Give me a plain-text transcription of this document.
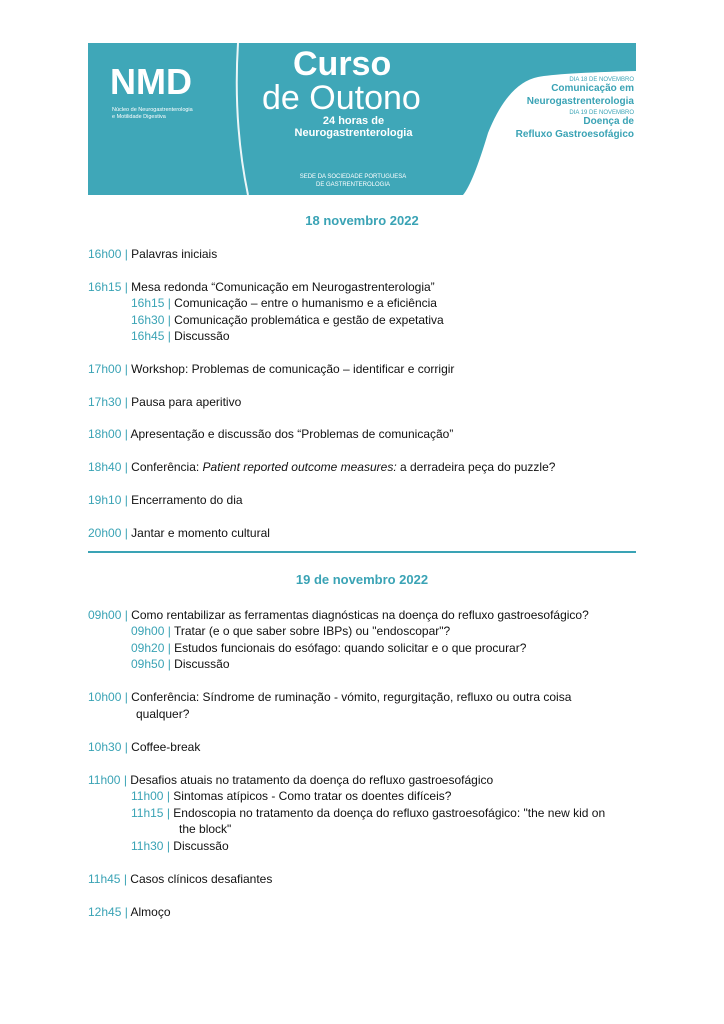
NMD
Núcleo de Neurogastrenterologia
e Motilidade Digestiva
Curso
de Outono
24 horas de
Neurogastrenterologia
SEDE DA SOCIEDADE PORTUGUESA
DE GASTRENTEROLOGIA
DIA 18 DE NOVEMBRO
Comunicação em
Neurogastrenterologia
DIA 19 DE NOVEMBRO
Doença de
Refluxo Gastroesofágico
18 novembro 2022
16h00 | Palavras iniciais
16h15 | Mesa redonda “Comunicação em Neurogastrenterologia”
16h15 | Comunicação – entre o humanismo e a eficiência
16h30 | Comunicação problemática e gestão de expetativa
16h45 | Discussão
17h00 | Workshop: Problemas de comunicação – identificar e corrigir
17h30 | Pausa para aperitivo
18h00 | Apresentação e discussão dos “Problemas de comunicação”
18h40 | Conferência: Patient reported outcome measures: a derradeira peça do puzzle?
19h10 | Encerramento do dia
20h00 | Jantar e momento cultural
19 de novembro 2022
09h00 | Como rentabilizar as ferramentas diagnósticas na doença do refluxo gastroesofágico?
09h00 | Tratar (e o que saber sobre IBPs) ou "endoscopar"?
09h20 | Estudos funcionais do esófago: quando solicitar e o que procurar?
09h50 | Discussão
10h00 | Conferência: Síndrome de ruminação - vómito, regurgitação, refluxo ou outra coisa
qualquer?
10h30 | Coffee-break
11h00 | Desafios atuais no tratamento da doença do refluxo gastroesofágico
11h00 | Sintomas atípicos - Como tratar os doentes difíceis?
11h15 | Endoscopia no tratamento da doença do refluxo gastroesofágico: "the new kid on
the block"
11h30 | Discussão
11h45 | Casos clínicos desafiantes
12h45 | Almoço
